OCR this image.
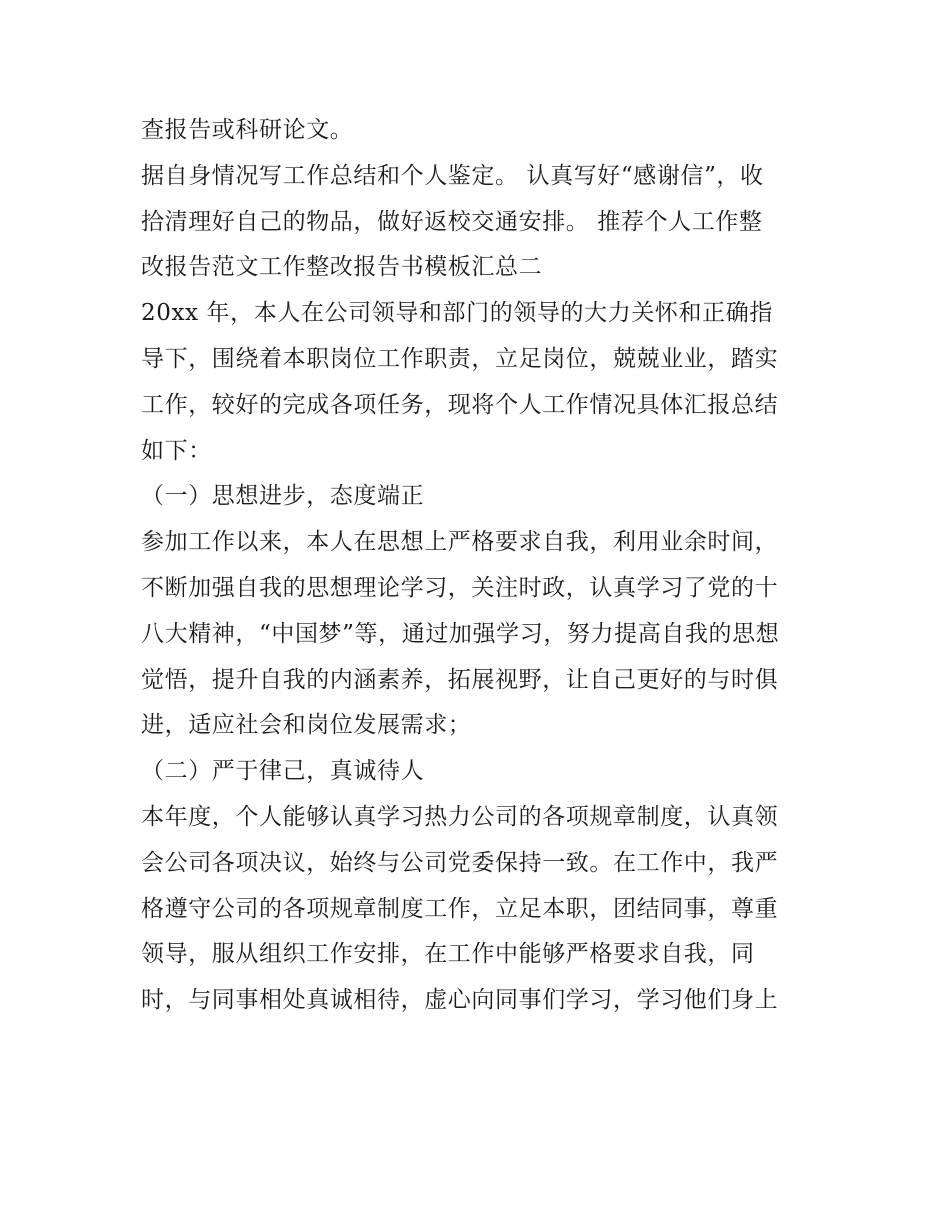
查报告或科研论文。
据自身情况写工作总结和个人鉴定。 认真写好“感谢信”，收
拾清理好自己的物品，做好返校交通安排。 推荐个人工作整
改报告范文工作整改报告书模板汇总二
20xx 年，本人在公司领导和部门的领导的大力关怀和正确指
导下，围绕着本职岗位工作职责，立足岗位，兢兢业业，踏实
工作，较好的完成各项任务，现将个人工作情况具体汇报总结
如下：
（一）思想进步，态度端正
参加工作以来，本人在思想上严格要求自我，利用业余时间，
不断加强自我的思想理论学习，关注时政，认真学习了党的十
八大精神，“中国梦”等，通过加强学习，努力提高自我的思想
觉悟，提升自我的内涵素养，拓展视野，让自己更好的与时俱
进，适应社会和岗位发展需求；
（二）严于律己，真诚待人
本年度，个人能够认真学习热力公司的各项规章制度，认真领
会公司各项决议，始终与公司党委保持一致。在工作中，我严
格遵守公司的各项规章制度工作，立足本职，团结同事，尊重
领导，服从组织工作安排，在工作中能够严格要求自我，同
时，与同事相处真诚相待，虚心向同事们学习，学习他们身上
